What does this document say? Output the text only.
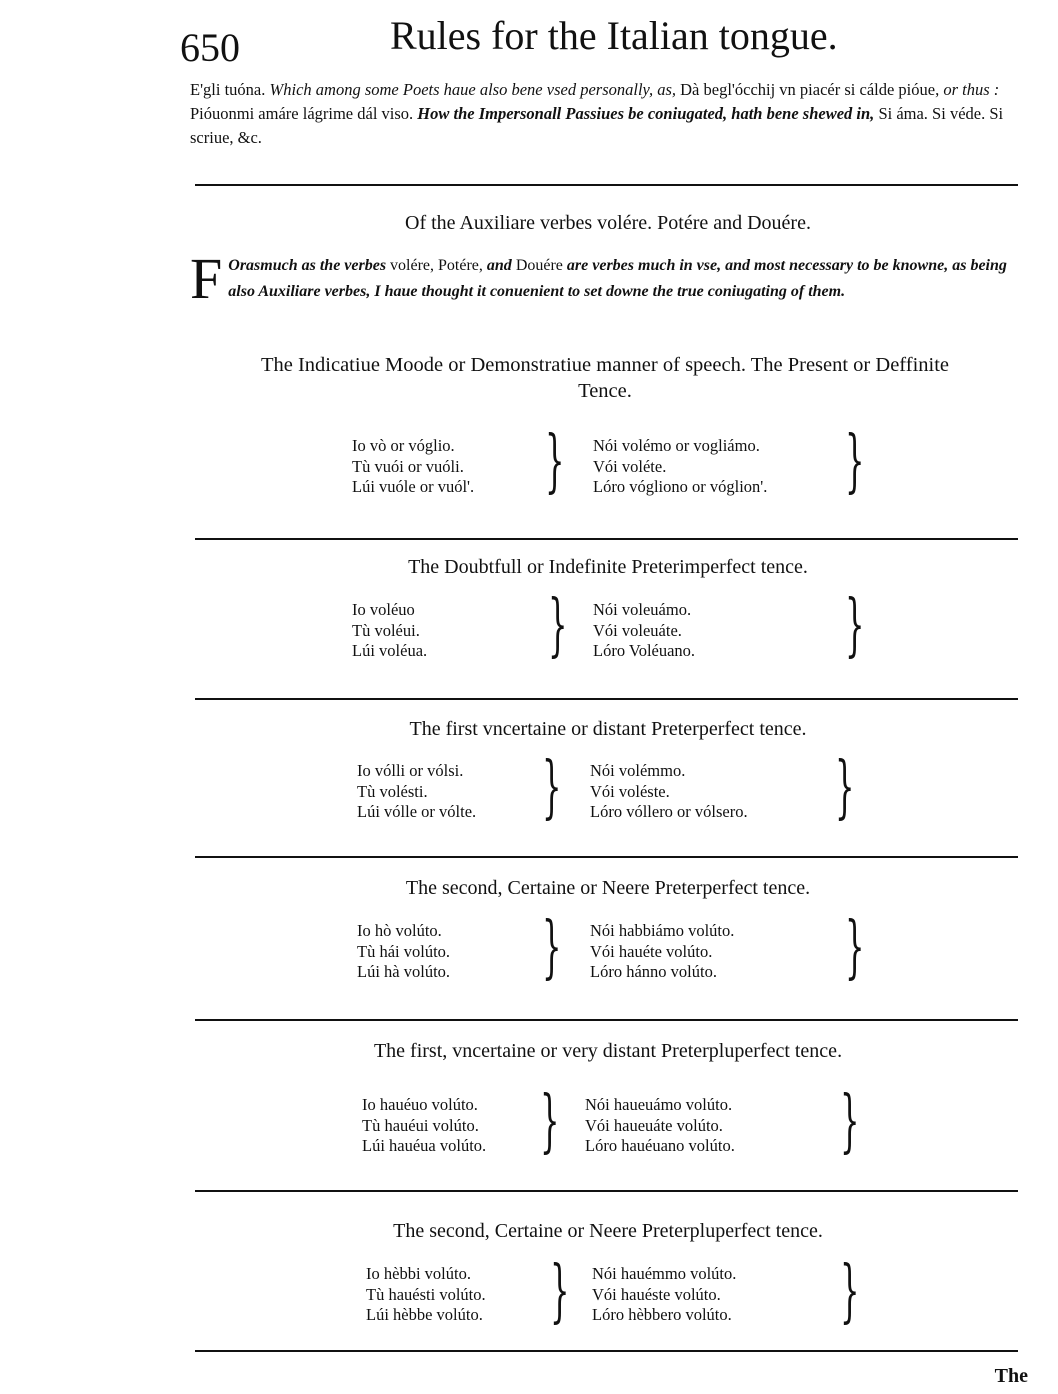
650	Rules for the Italian tongue.
E'gli tuóna. Which among some Poets haue also bene vsed personally, as, Dà begl'ócchij vn piacér si cálde pióue, or thus : Pióuonmi amáre lágrime dál viso. How the Impersonall Passiues be coniugated, hath bene shewed in, Si áma. Si véde. Si scriue, &c.
Of the Auxiliare verbes volére. Potére and Douére.
F Orasmuch as the verbes volére, Potére, and Douére are verbes much in vse, and most necessary to be knowne, as being also Auxiliare verbes, I haue thought it conuenient to set downe the true coniugating of them.
The Indicatiue Moode or Demonstratiue manner of speech. The Present or Deffinite Tence.
Io vò or vóglio.
Tù vuói or vuóli.
Lúi vuóle or vuól'. } Nói volémo or vogliámo.
Vói voléte.
Lóro vógliono or vóglion'. }
The Doubtfull or Indefinite Preterimperfect tence.
Io voléuo
Tù voléui.
Lúi voléua. } Nói voleuámo.
Vói voleuáte.
Lóro Voléuano. }
The first vncertaine or distant Preterperfect tence.
Io vólli or vólsi.
Tù volésti.
Lúi vólle or vólte. } Nói volémmo.
Vói voléste.
Lóro vóllero or vólsero. }
The second, Certaine or Neere Preterperfect tence.
Io hò volúto.
Tù hái volúto.
Lúi hà volúto. } Nói habbiámo volúto.
Vói hauéte volúto.
Lóro hánno volúto. }
The first, vncertaine or very distant Preterpluperfect tence.
Io hauéuo volúto.
Tù hauéui volúto.
Lúi hauéua volúto. } Nói haueuámo volúto.
Vói haueuáte volúto.
Lóro hauéuano volúto. }
The second, Certaine or Neere Preterpluperfect tence.
Io hèbbi volúto.
Tù hauésti volúto.
Lúi hèbbe volúto. } Nói hauémmo volúto.
Vói hauéste volúto.
Lóro hèbbero volúto. }
The
